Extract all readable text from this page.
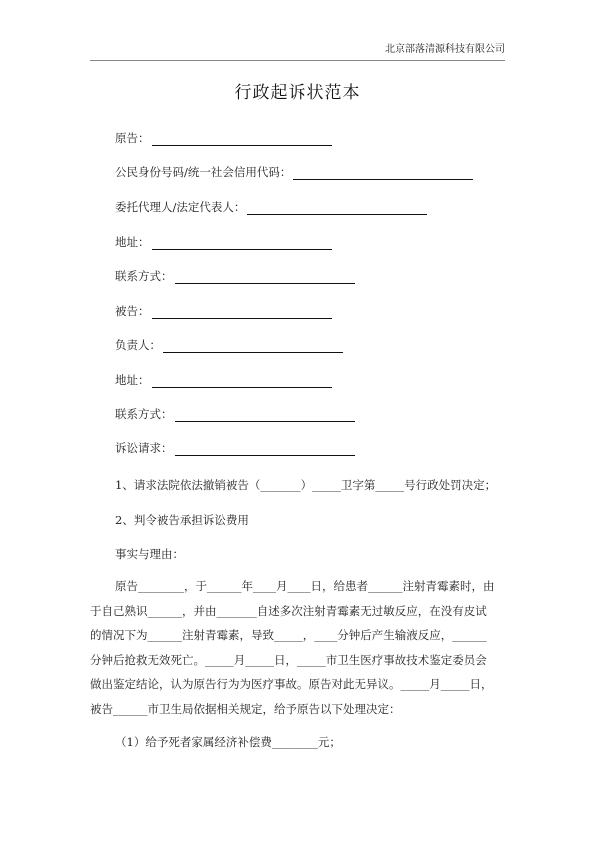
北京部落清源科技有限公司
行政起诉状范本
原告：
公民身份号码/统一社会信用代码：
委托代理人/法定代表人：
地址：
联系方式：
被告：
负责人：
地址：
联系方式：
诉讼请求：
1、请求法院依法撤销被告（_______）_____卫字第_____号行政处罚决定；
2、判令被告承担诉讼费用
事实与理由：
原告________，于______年____月____日，给患者______注射青霉素时，由
于自己熟识______，并由_______自述多次注射青霉素无过敏反应，在没有皮试
的情况下为______注射青霉素，导致_____，____分钟后产生输液反应，______
分钟后抢救无效死亡。_____月_____日，_____市卫生医疗事故技术鉴定委员会
做出鉴定结论，认为原告行为为医疗事故。原告对此无异议。_____月_____日，
被告______市卫生局依据相关规定，给予原告以下处理决定：
（1）给予死者家属经济补偿费________元；
